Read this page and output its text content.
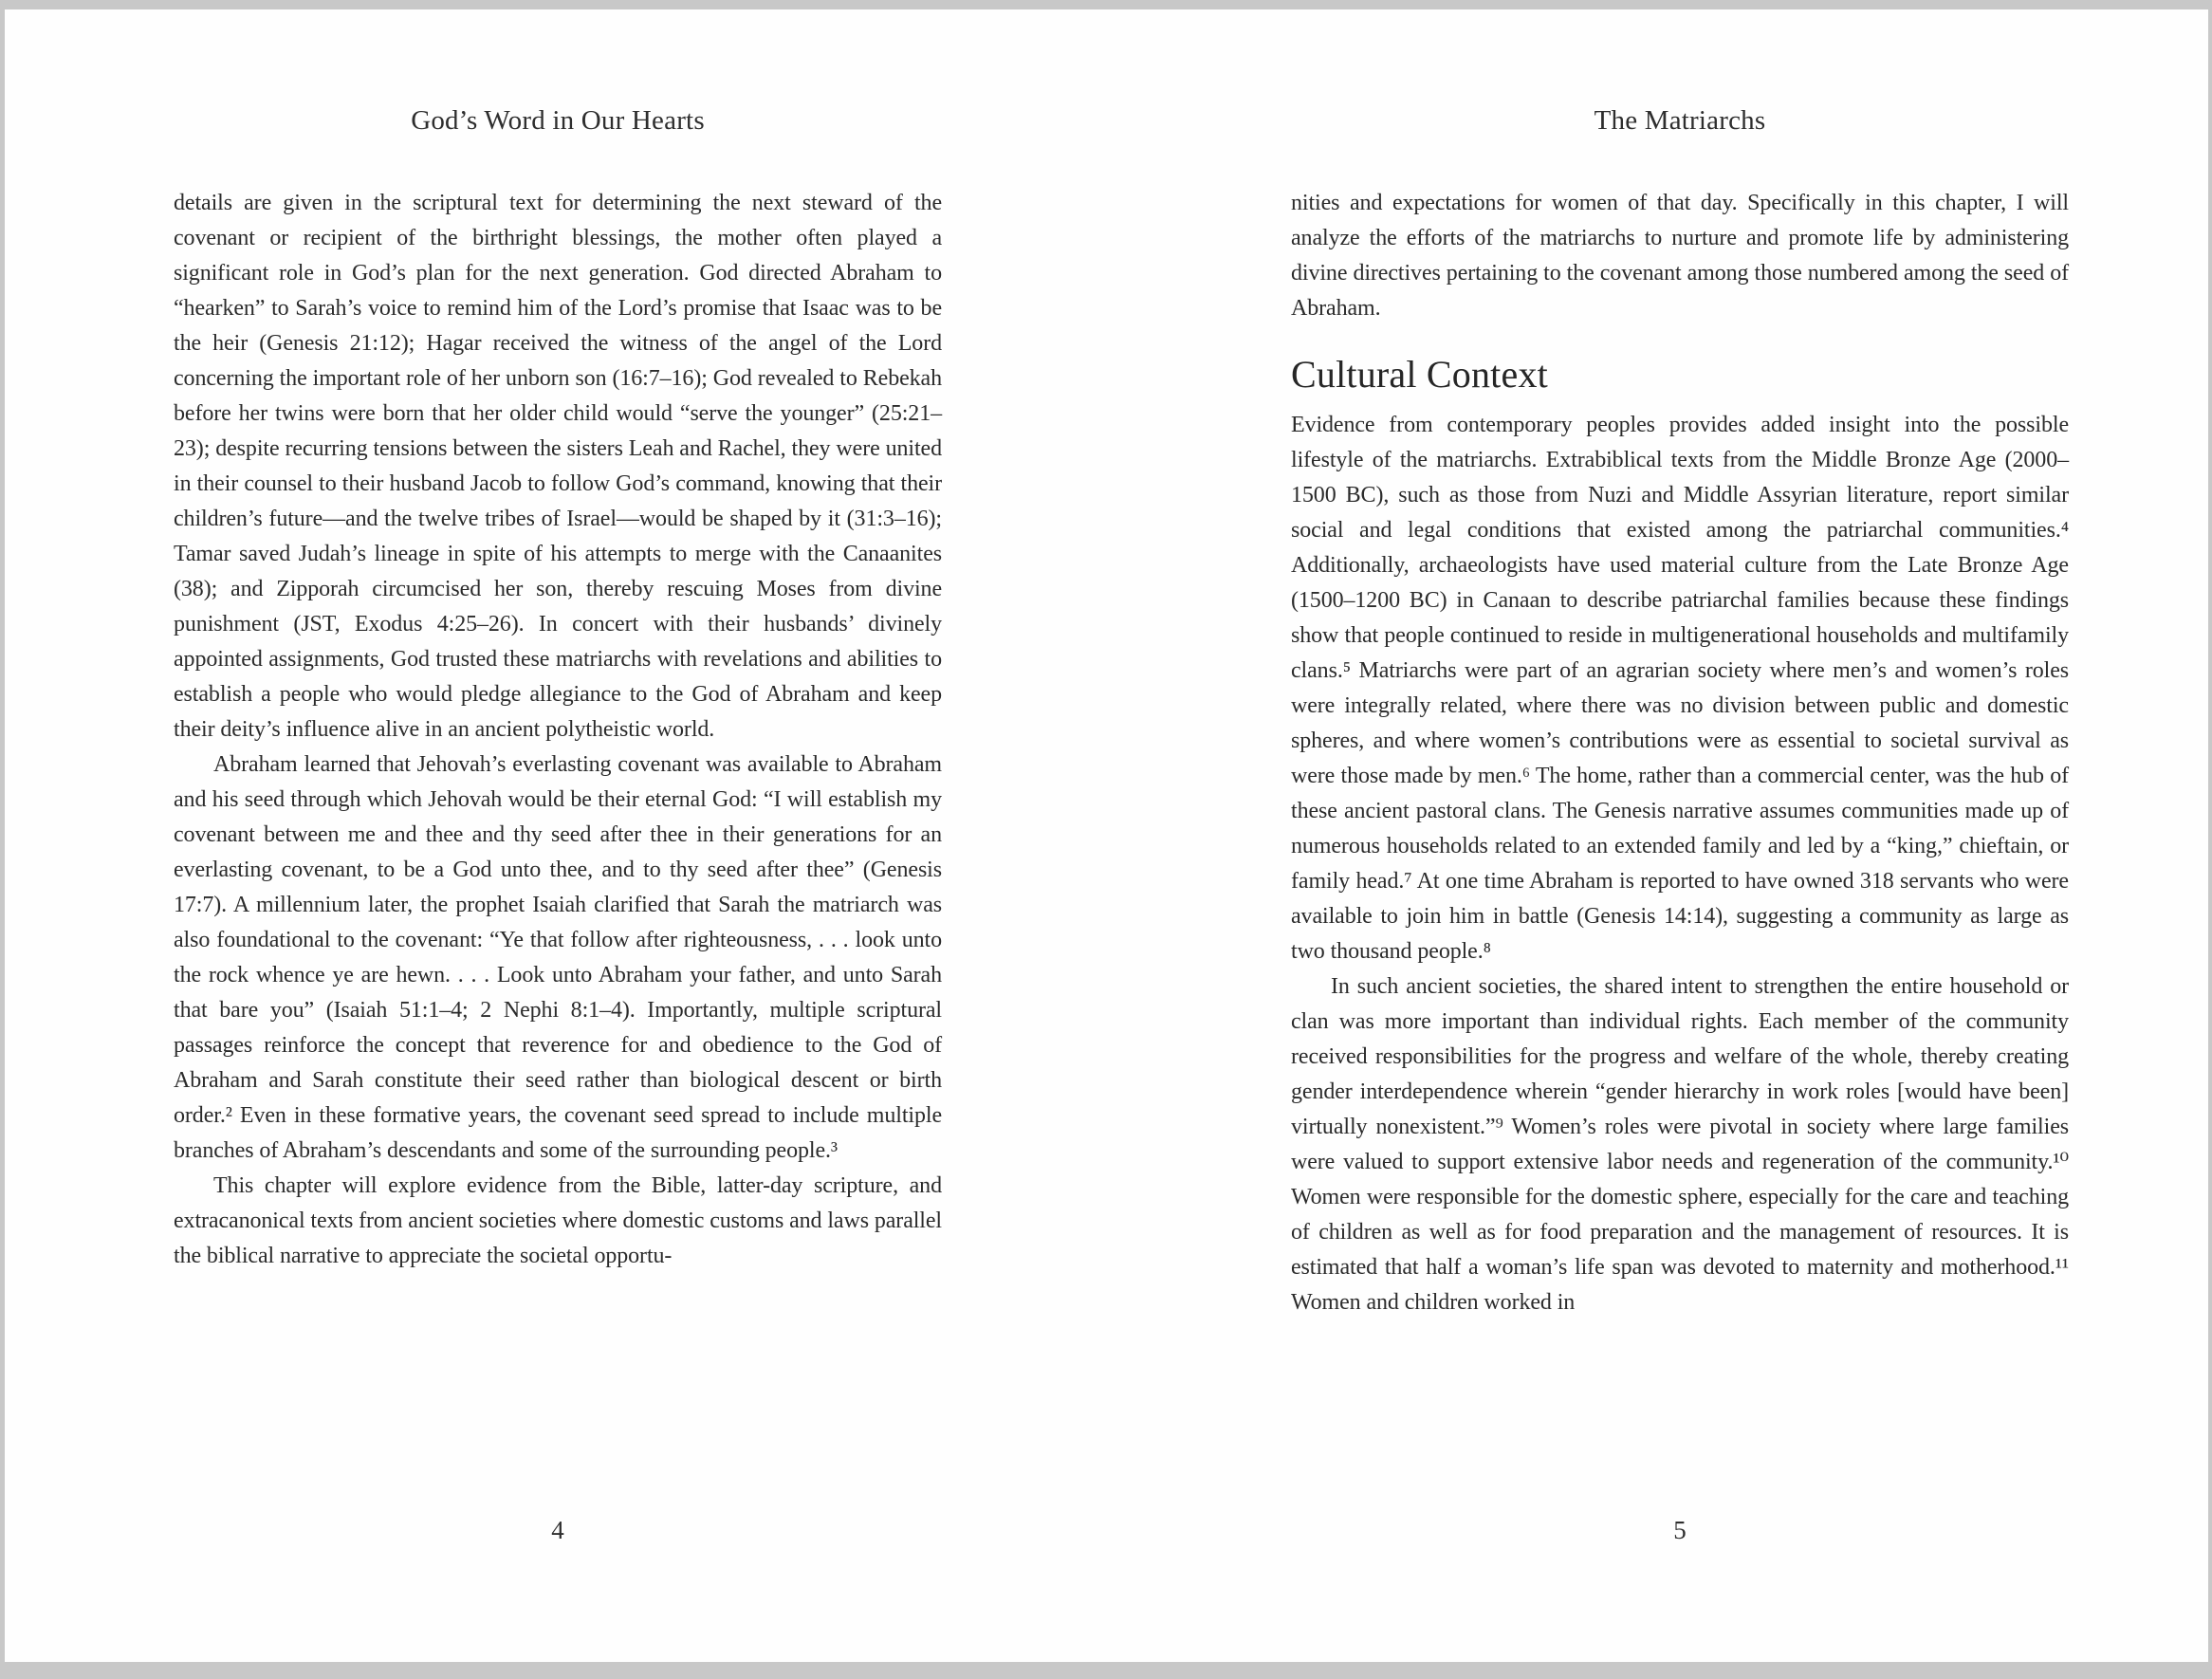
God’s Word in Our Hearts

details are given in the scriptural text for determining the next steward of the covenant or recipient of the birthright blessings, the mother often played a significant role in God’s plan for the next generation. God directed Abraham to “hearken” to Sarah’s voice to remind him of the Lord’s promise that Isaac was to be the heir (Genesis 21:12); Hagar received the witness of the angel of the Lord concerning the important role of her unborn son (16:7–16); God revealed to Rebekah before her twins were born that her older child would “serve the younger” (25:21–23); despite recurring tensions between the sisters Leah and Rachel, they were united in their counsel to their husband Jacob to follow God’s command, knowing that their children’s future—and the twelve tribes of Israel—would be shaped by it (31:3–16); Tamar saved Judah’s lineage in spite of his attempts to merge with the Canaanites (38); and Zipporah circumcised her son, thereby rescuing Moses from divine punishment (JST, Exodus 4:25–26). In concert with their husbands’ divinely appointed assignments, God trusted these matriarchs with revelations and abilities to establish a people who would pledge allegiance to the God of Abraham and keep their deity’s influence alive in an ancient polytheistic world.

Abraham learned that Jehovah’s everlasting covenant was available to Abraham and his seed through which Jehovah would be their eternal God: “I will establish my covenant between me and thee and thy seed after thee in their generations for an everlasting covenant, to be a God unto thee, and to thy seed after thee” (Genesis 17:7). A millennium later, the prophet Isaiah clarified that Sarah the matriarch was also foundational to the covenant: “Ye that follow after righteousness, . . . look unto the rock whence ye are hewn. . . . Look unto Abraham your father, and unto Sarah that bare you” (Isaiah 51:1–4; 2 Nephi 8:1–4). Importantly, multiple scriptural passages reinforce the concept that reverence for and obedience to the God of Abraham and Sarah constitute their seed rather than biological descent or birth order.² Even in these formative years, the covenant seed spread to include multiple branches of Abraham’s descendants and some of the surrounding people.³

This chapter will explore evidence from the Bible, latter-day scripture, and extracanonical texts from ancient societies where domestic customs and laws parallel the biblical narrative to appreciate the societal opportu-

4
The Matriarchs

nities and expectations for women of that day. Specifically in this chapter, I will analyze the efforts of the matriarchs to nurture and promote life by administering divine directives pertaining to the covenant among those numbered among the seed of Abraham.

Cultural Context

Evidence from contemporary peoples provides added insight into the possible lifestyle of the matriarchs. Extrabiblical texts from the Middle Bronze Age (2000–1500 BC), such as those from Nuzi and Middle Assyrian literature, report similar social and legal conditions that existed among the patriarchal communities.⁴ Additionally, archaeologists have used material culture from the Late Bronze Age (1500–1200 BC) in Canaan to describe patriarchal families because these findings show that people continued to reside in multigenerational households and multifamily clans.⁵ Matriarchs were part of an agrarian society where men’s and women’s roles were integrally related, where there was no division between public and domestic spheres, and where women’s contributions were as essential to societal survival as were those made by men.⁶ The home, rather than a commercial center, was the hub of these ancient pastoral clans. The Genesis narrative assumes communities made up of numerous households related to an extended family and led by a “king,” chieftain, or family head.⁷ At one time Abraham is reported to have owned 318 servants who were available to join him in battle (Genesis 14:14), suggesting a community as large as two thousand people.⁸

In such ancient societies, the shared intent to strengthen the entire household or clan was more important than individual rights. Each member of the community received responsibilities for the progress and welfare of the whole, thereby creating gender interdependence wherein “gender hierarchy in work roles [would have been] virtually nonexistent.”⁹ Women’s roles were pivotal in society where large families were valued to support extensive labor needs and regeneration of the community.¹⁰ Women were responsible for the domestic sphere, especially for the care and teaching of children as well as for food preparation and the management of resources. It is estimated that half a woman’s life span was devoted to maternity and motherhood.¹¹ Women and children worked in

5
